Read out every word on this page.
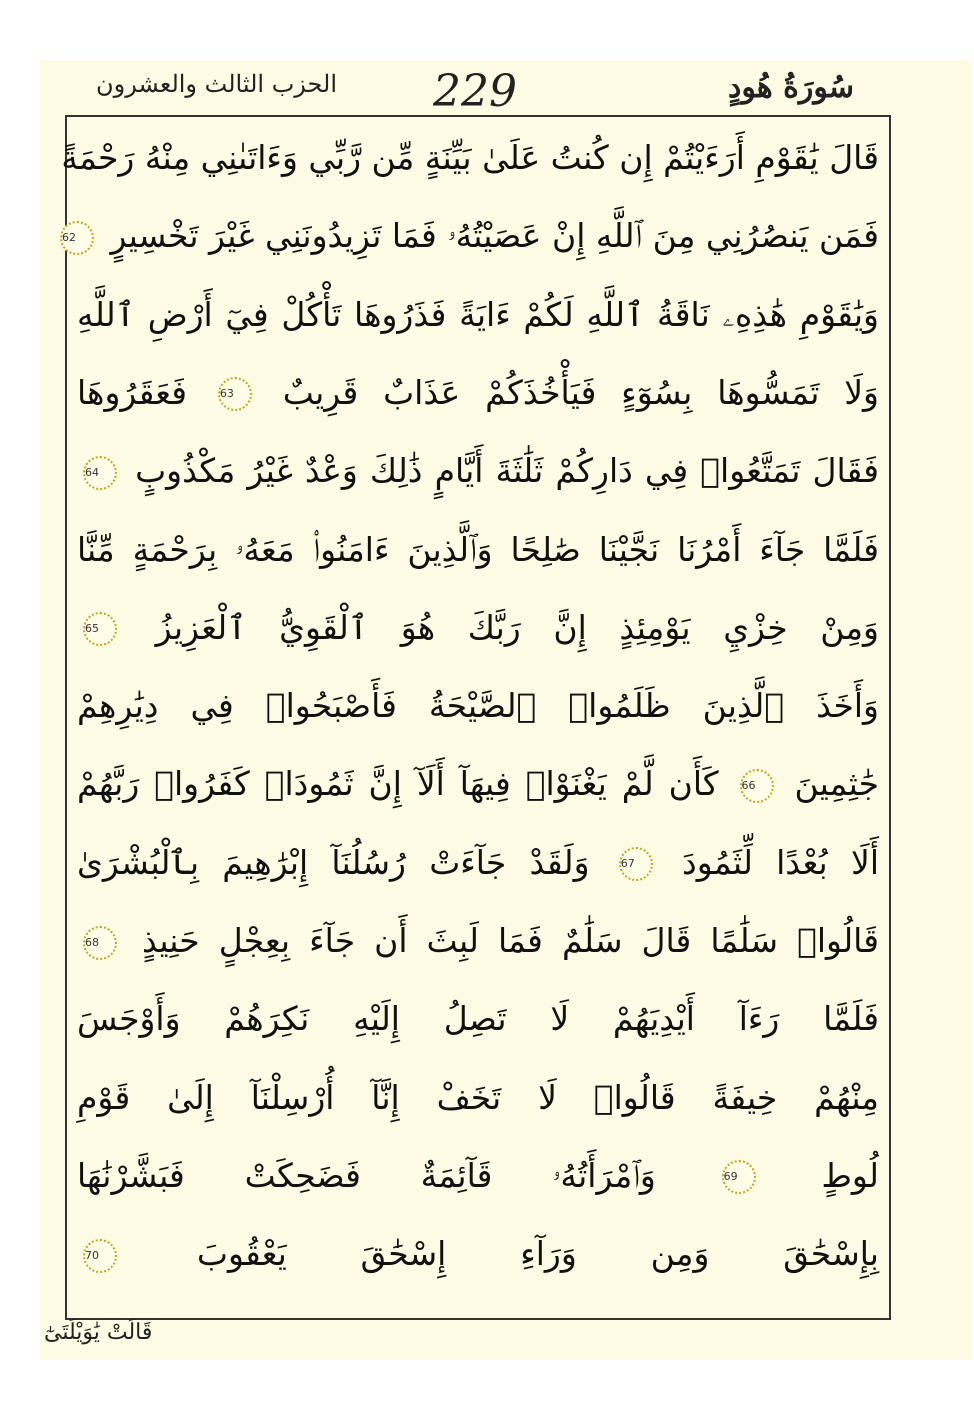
سُورَةُ هُودٍ
229
الحزب الثالث والعشرون
قَالَ يَٰقَوْمِ أَرَءَيْتُمْ إِن كُنتُ عَلَىٰ بَيِّنَةٍ مِّن رَّبِّي وَءَاتَىٰنِي مِنْهُ رَحْمَةً
فَمَن يَنصُرُنِي مِنَ ٱللَّهِ إِنْ عَصَيْتُهُۥ فَمَا تَزِيدُونَنِي غَيْرَ تَخْسِيرٍ 62
وَيَٰقَوْمِ هَٰذِهِۦ نَاقَةُ ٱللَّهِ لَكُمْ ءَايَةً فَذَرُوهَا تَأْكُلْ فِيٓ أَرْضِ ٱللَّهِ
وَلَا تَمَسُّوهَا بِسُوٓءٍ فَيَأْخُذَكُمْ عَذَابٌ قَرِيبٌ 63 فَعَقَرُوهَا
فَقَالَ تَمَتَّعُوا۟ فِي دَارِكُمْ ثَلَٰثَةَ أَيَّامٍ ذَٰلِكَ وَعْدٌ غَيْرُ مَكْذُوبٍ 64
فَلَمَّا جَآءَ أَمْرُنَا نَجَّيْنَا صَٰلِحًا وَٱلَّذِينَ ءَامَنُوا۟ مَعَهُۥ بِرَحْمَةٍ مِّنَّا
وَمِنْ خِزْيِ يَوْمِئِذٍ إِنَّ رَبَّكَ هُوَ ٱلْقَوِيُّ ٱلْعَزِيزُ 65
وَأَخَذَ ٱلَّذِينَ ظَلَمُوا۟ ٱلصَّيْحَةُ فَأَصْبَحُوا۟ فِي دِيَٰرِهِمْ
جَٰثِمِينَ 66 كَأَن لَّمْ يَغْنَوْا۟ فِيهَآ أَلَآ إِنَّ ثَمُودَا۟ كَفَرُوا۟ رَبَّهُمْ
أَلَا بُعْدًا لِّثَمُودَ 67 وَلَقَدْ جَآءَتْ رُسُلُنَآ إِبْرَٰهِيمَ بِٱلْبُشْرَىٰ
قَالُوا۟ سَلَٰمًا قَالَ سَلَٰمٌ فَمَا لَبِثَ أَن جَآءَ بِعِجْلٍ حَنِيذٍ 68
فَلَمَّا رَءَآ أَيْدِيَهُمْ لَا تَصِلُ إِلَيْهِ نَكِرَهُمْ وَأَوْجَسَ
مِنْهُمْ خِيفَةً قَالُوا۟ لَا تَخَفْ إِنَّآ أُرْسِلْنَآ إِلَىٰ قَوْمِ
لُوطٍ 69 وَٱمْرَأَتُهُۥ قَآئِمَةٌ فَضَحِكَتْ فَبَشَّرْنَٰهَا
بِإِسْحَٰقَ وَمِن وَرَآءِ إِسْحَٰقَ يَعْقُوبَ 70
قَالَتْ يَٰوَيْلَتَىٰٓ
